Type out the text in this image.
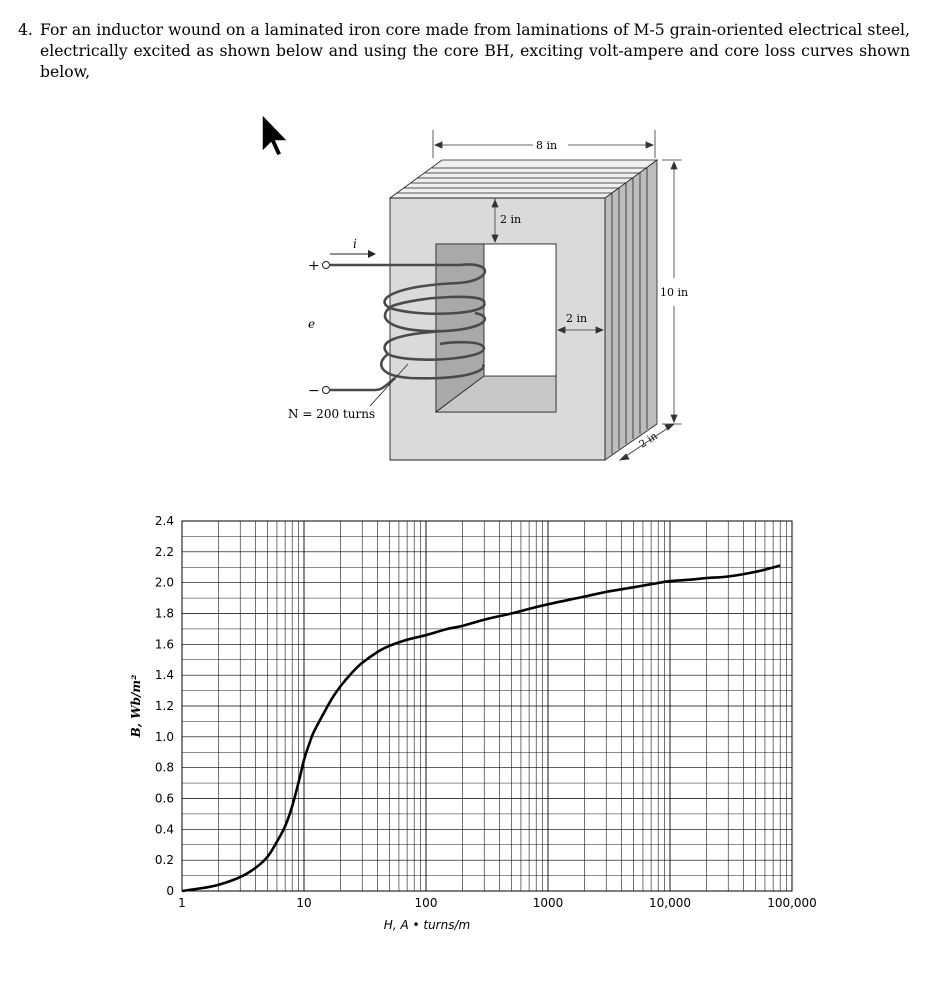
4. For an inductor wound on a laminated iron core made from laminations of M-5 grain-oriented electrical steel, electrically excited as shown below and using the core BH, exciting volt-ampere and core loss curves shown below,
+
−
e
i
N = 200 turns
8 in
2 in
2 in
10 in
2 in
0
0.2
0.4
0.6
0.8
1.0
1.2
1.4
1.6
1.8
2.0
2.2
2.4
1	10	100	1000	10,000	100,000
H, A • turns/m
B, Wb/m²
